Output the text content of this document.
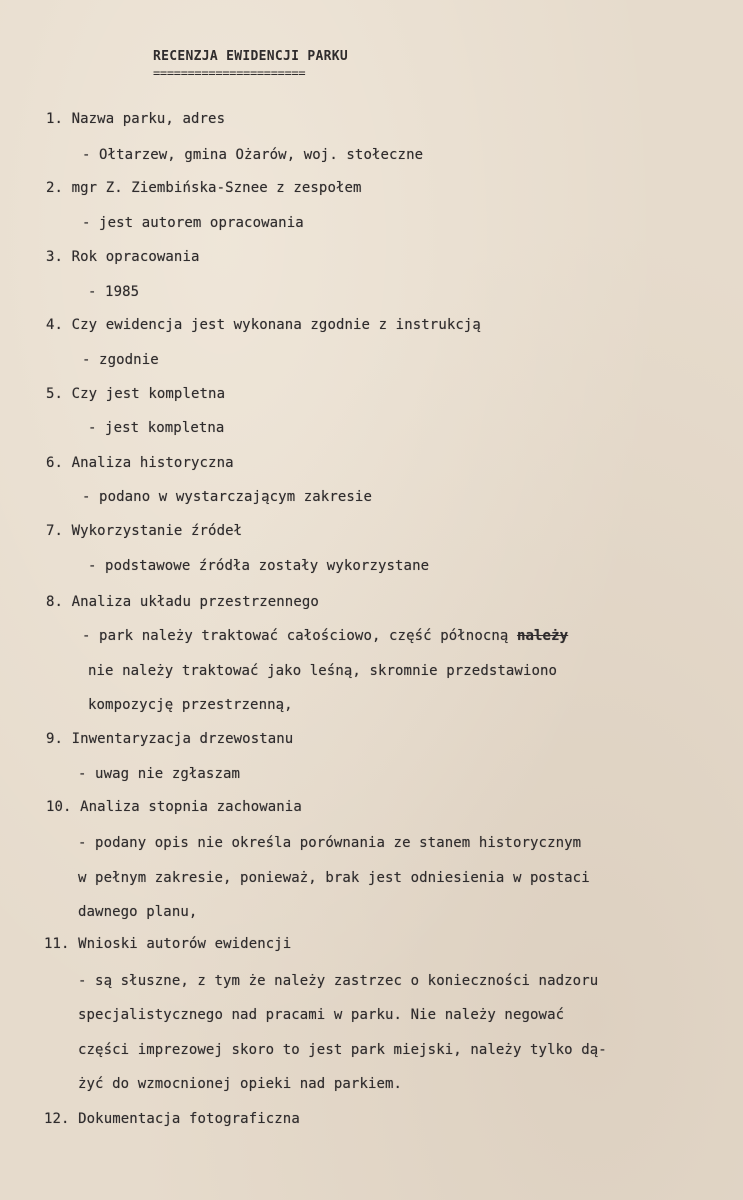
RECENZJA EWIDENCJI PARKU
======================
1. Nazwa parku, adres
- Ołtarzew, gmina Ożarów, woj. stołeczne
2. mgr Z. Ziembińska-Sznee z zespołem
- jest autorem opracowania
3. Rok opracowania
- 1985
4. Czy ewidencja jest wykonana zgodnie z instrukcją
- zgodnie
5. Czy jest kompletna
- jest kompletna
6. Analiza historyczna
- podano w wystarczającym zakresie
7. Wykorzystanie źródeł
- podstawowe źródła zostały wykorzystane
8. Analiza układu przestrzennego
- park należy traktować całościowo, część północną należy
nie należy traktować jako leśną, skromnie przedstawiono
kompozycję przestrzenną,
9. Inwentaryzacja drzewostanu
- uwag nie zgłaszam
10. Analiza stopnia zachowania
- podany opis nie określa porównania ze stanem historycznym
w pełnym zakresie, ponieważ, brak jest odniesienia w postaci
dawnego planu,
11. Wnioski autorów ewidencji
- są słuszne, z tym że należy zastrzec o konieczności nadzoru
specjalistycznego nad pracami w parku. Nie należy negować
części imprezowej skoro to jest park miejski, należy tylko dą-
żyć do wzmocnionej opieki nad parkiem.
12. Dokumentacja fotograficzna
